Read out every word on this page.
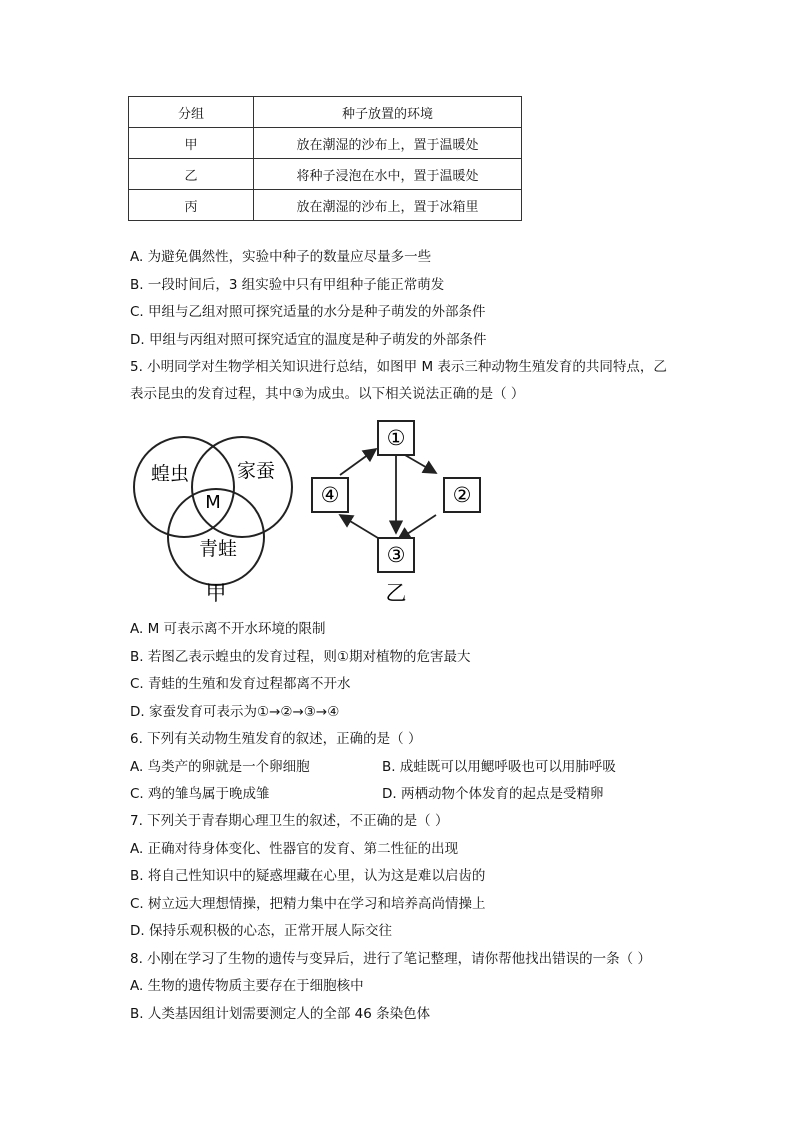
分组	种子放置的环境
甲	放在潮湿的沙布上，置于温暖处
乙	将种子浸泡在水中，置于温暖处
丙	放在潮湿的沙布上，置于冰箱里
A. 为避免偶然性，实验中种子的数量应尽量多一些
B. 一段时间后，3 组实验中只有甲组种子能正常萌发
C. 甲组与乙组对照可探究适量的水分是种子萌发的外部条件
D. 甲组与丙组对照可探究适宜的温度是种子萌发的外部条件
5. 小明同学对生物学相关知识进行总结，如图甲 M 表示三种动物生殖发育的共同特点，乙
表示昆虫的发育过程，其中③为成虫。以下相关说法正确的是（ ）
蝗虫	家蚕
M
青蛙
甲
①
②
③
④
乙
A. M 可表示离不开水环境的限制
B. 若图乙表示蝗虫的发育过程，则①期对植物的危害最大
C. 青蛙的生殖和发育过程都离不开水
D. 家蚕发育可表示为①→②→③→④
6. 下列有关动物生殖发育的叙述，正确的是（ ）
A. 鸟类产的卵就是一个卵细胞	B. 成蛙既可以用鳃呼吸也可以用肺呼吸
C. 鸡的雏鸟属于晚成雏	D. 两栖动物个体发育的起点是受精卵
7. 下列关于青春期心理卫生的叙述，不正确的是（ ）
A. 正确对待身体变化、性器官的发育、第二性征的出现
B. 将自己性知识中的疑惑埋藏在心里，认为这是难以启齿的
C. 树立远大理想情操，把精力集中在学习和培养高尚情操上
D. 保持乐观积极的心态，正常开展人际交往
8. 小刚在学习了生物的遗传与变异后，进行了笔记整理，请你帮他找出错误的一条（ ）
A. 生物的遗传物质主要存在于细胞核中
B. 人类基因组计划需要测定人的全部 46 条染色体
